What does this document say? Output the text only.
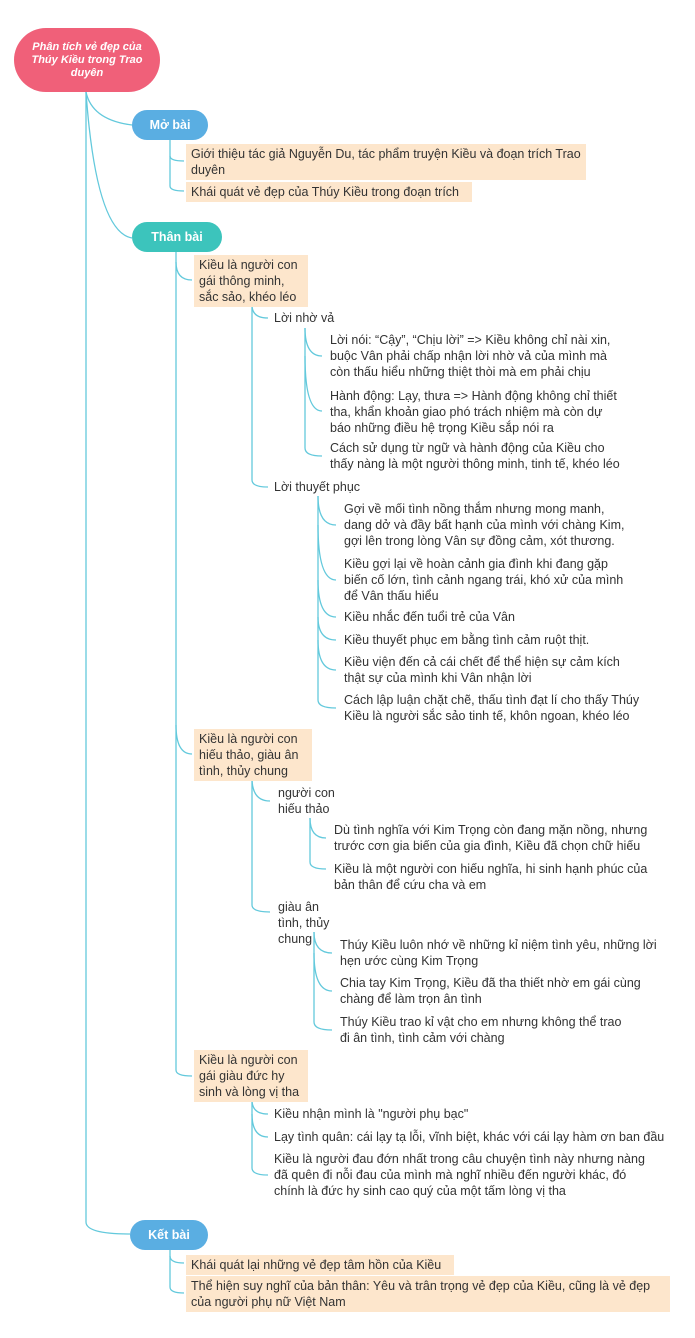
Phân tích vẻ đẹp của Thúy Kiều trong Trao duyên
Mở bài
Giới thiệu tác giả Nguyễn Du, tác phẩm truyện Kiều và đoạn trích Trao duyên
Khái quát vẻ đẹp của Thúy Kiều trong đoạn trích
Thân bài
Kiều là người con gái thông minh, sắc sảo, khéo léo
Lời nhờ vả
Lời nói: “Cậy”, “Chịu lời” => Kiều không chỉ nài xin, buộc Vân phải chấp nhận lời nhờ vả của mình mà còn thấu hiểu những thiệt thòi mà em phải chịu
Hành động: Lạy, thưa => Hành động không chỉ thiết tha, khẩn khoản giao phó trách nhiệm mà còn dự báo những điều hệ trọng Kiều sắp nói ra
Cách sử dụng từ ngữ và hành động của Kiều cho thấy nàng là một người thông minh, tinh tế, khéo léo
Lời thuyết phục
Gợi về mối tình nồng thắm nhưng mong manh, dang dở và đầy bất hạnh của mình với chàng Kim, gợi lên trong lòng Vân sự đồng cảm, xót thương.
Kiều gợi lại về hoàn cảnh gia đình khi đang gặp biến cố lớn, tình cảnh ngang trái, khó xử của mình để Vân thấu hiểu
Kiều nhắc đến tuổi trẻ của Vân
Kiều thuyết phục em bằng tình cảm ruột thịt.
Kiều viện đến cả cái chết để thể hiện sự cảm kích thật sự của mình khi Vân nhận lời
Cách lập luận chặt chẽ, thấu tình đạt lí cho thấy Thúy Kiều là người sắc sảo tinh tế, khôn ngoan, khéo léo
Kiều là người con hiếu thảo, giàu ân tình, thủy chung
người con hiếu thảo
Dù tình nghĩa với Kim Trọng còn đang mặn nồng, nhưng trước cơn gia biến của gia đình, Kiều đã chọn chữ hiếu
Kiều là một người con hiếu nghĩa, hi sinh hạnh phúc của bản thân để cứu cha và em
giàu ân tình, thủy chung	Thúy Kiều luôn nhớ về những kỉ niệm tình yêu, những lời hẹn ước cùng Kim Trọng
Chia tay Kim Trọng, Kiều đã tha thiết nhờ em gái cùng chàng để làm trọn ân tình
Thúy Kiều trao kỉ vật cho em nhưng không thể trao đi ân tình, tình cảm với chàng
Kiều là người con gái giàu đức hy sinh và lòng vị tha
Kiều nhận mình là "người phụ bạc"
Lạy tình quân: cái lạy tạ lỗi, vĩnh biệt, khác với cái lạy hàm ơn ban đầu
Kiều là người đau đớn nhất trong câu chuyện tình này nhưng nàng đã quên đi nỗi đau của mình mà nghĩ nhiều đến người khác, đó chính là đức hy sinh cao quý của một tấm lòng vị tha
Kết bài
Khái quát lại những vẻ đẹp tâm hồn của Kiều
Thể hiện suy nghĩ của bản thân: Yêu và trân trọng vẻ đẹp của Kiều, cũng là vẻ đẹp của người phụ nữ Việt Nam
